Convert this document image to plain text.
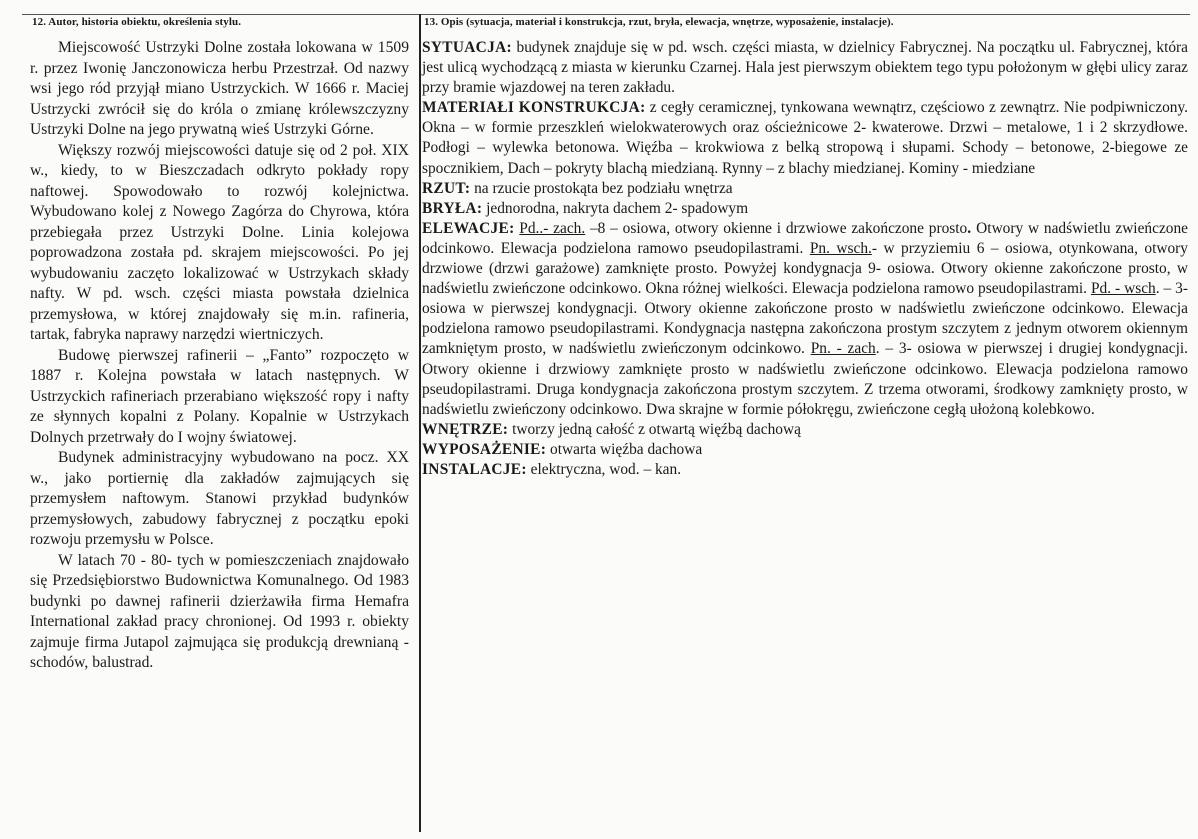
12. Autor, historia obiektu, określenia stylu.

Miejscowość Ustrzyki Dolne została lokowana w 1509 r. przez Iwonię Janczonowicza herbu Przestrzał. Od nazwy wsi jego ród przyjął miano Ustrzyckich. W 1666 r. Maciej Ustrzycki zwrócił się do króla o zmianę królewszczyzny Ustrzyki Dolne na jego prywatną wieś Ustrzyki Górne.

Większy rozwój miejscowości datuje się od 2 poł. XIX w., kiedy, to w Bieszczadach odkryto pokłady ropy naftowej. Spowodowało to rozwój kolejnictwa. Wybudowano kolej z Nowego Zagórza do Chyrowa, która przebiegała przez Ustrzyki Dolne. Linia kolejowa poprowadzona została pd. skrajem miejscowości. Po jej wybudowaniu zaczęto lokalizować w Ustrzykach składy nafty. W pd. wsch. części miasta powstała dzielnica przemysłowa, w której znajdowały się m.in. rafineria, tartak, fabryka naprawy narzędzi wiertniczych.

Budowę pierwszej rafinerii – „Fanto” rozpoczęto w 1887 r. Kolejna powstała w latach następnych. W Ustrzyckich rafineriach przerabiano większość ropy i nafty ze słynnych kopalni z Polany. Kopalnie w Ustrzykach Dolnych przetrwały do I wojny światowej.

Budynek administracyjny wybudowano na pocz. XX w., jako portiernię dla zakładów zajmujących się przemysłem naftowym. Stanowi przykład budynków przemysłowych, zabudowy fabrycznej z początku epoki rozwoju przemysłu w Polsce.

W latach 70 - 80- tych w pomieszczeniach znajdowało się Przedsiębiorstwo Budownictwa Komunalnego. Od 1983 budynki po dawnej rafinerii dzierżawiła firma Hemafra International zakład pracy chronionej. Od 1993 r. obiekty zajmuje firma Jutapol zajmująca się produkcją drewnianą - schodów, balustrad.

13. Opis (sytuacja, materiał i konstrukcja, rzut, bryła, elewacja, wnętrze, wyposażenie, instalacje).

SYTUACJA: budynek znajduje się w pd. wsch. części miasta, w dzielnicy Fabrycznej. Na początku ul. Fabrycznej, która jest ulicą wychodzącą z miasta w kierunku Czarnej. Hala jest pierwszym obiektem tego typu położonym w głębi ulicy zaraz przy bramie wjazdowej na teren zakładu.

MATERIAŁI KONSTRUKCJA: z cegły ceramicznej, tynkowana wewnątrz, częściowo z zewnątrz. Nie podpiwniczony. Okna – w formie przeszkleń wielokwaterowych oraz ościeżnicowe 2- kwaterowe. Drzwi – metalowe, 1 i 2 skrzydłowe. Podłogi – wylewka betonowa. Więźba – krokwiowa z belką stropową i słupami. Schody – betonowe, 2-biegowe ze spocznikiem, Dach – pokryty blachą miedzianą. Rynny – z blachy miedzianej. Kominy - miedziane

RZUT: na rzucie prostokąta bez podziału wnętrza

BRYŁA: jednorodna, nakryta dachem 2- spadowym

ELEWACJE: Pd..- zach. –8 – osiowa, otwory okienne i drzwiowe zakończone prosto. Otwory w nadświetlu zwieńczone odcinkowo. Elewacja podzielona ramowo pseudopilastrami. Pn. wsch.- w przyziemiu 6 – osiowa, otynkowana, otwory drzwiowe (drzwi garażowe) zamknięte prosto. Powyżej kondygnacja 9- osiowa. Otwory okienne zakończone prosto, w nadświetlu zwieńczone odcinkowo. Okna różnej wielkości. Elewacja podzielona ramowo pseudopilastrami. Pd. - wsch. – 3- osiowa w pierwszej kondygnacji. Otwory okienne zakończone prosto w nadświetlu zwieńczone odcinkowo. Elewacja podzielona ramowo pseudopilastrami. Kondygnacja następna zakończona prostym szczytem z jednym otworem okiennym zamkniętym prosto, w nadświetlu zwieńczonym odcinkowo. Pn. - zach. – 3- osiowa w pierwszej i drugiej kondygnacji. Otwory okienne i drzwiowy zamknięte prosto w nadświetlu zwieńczone odcinkowo. Elewacja podzielona ramowo pseudopilastrami. Druga kondygnacja zakończona prostym szczytem. Z trzema otworami, środkowy zamknięty prosto, w nadświetlu zwieńczony odcinkowo. Dwa skrajne w formie półokręgu, zwieńczone cegłą ułożoną kolebkowo.

WNĘTRZE: tworzy jedną całość z otwartą więźbą dachową

WYPOSAŻENIE: otwarta więźba dachowa

INSTALACJE: elektryczna, wod. – kan.
